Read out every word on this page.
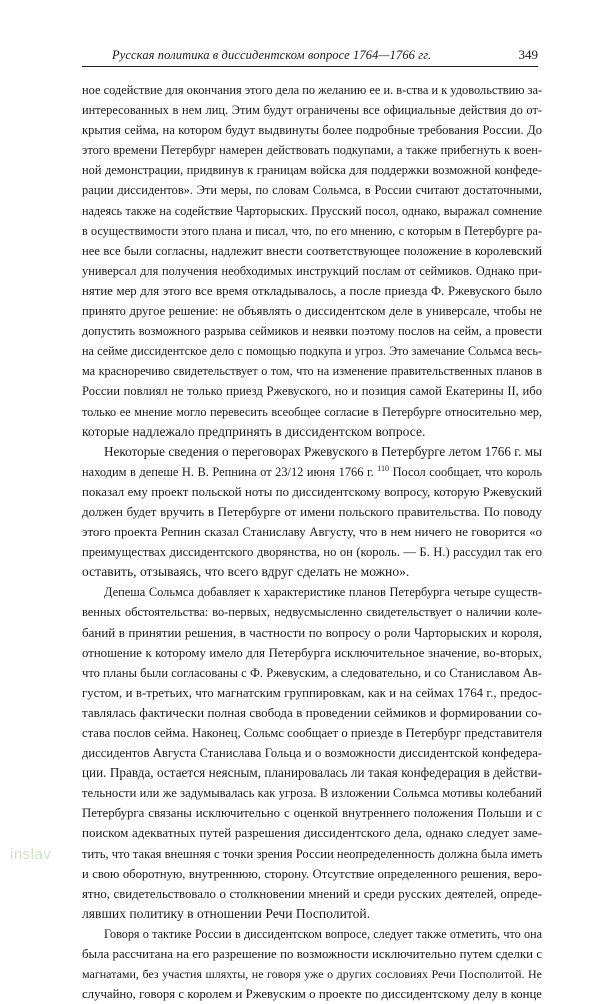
Русская политика в диссидентском вопросе 1764—1766 гг.	349

ное содействие для окончания этого дела по желанию ее и. в-ства и к удовольствию за-
интересованных в нем лиц. Этим будут ограничены все официальные действия до от-
крытия сейма, на котором будут выдвинуты более подробные требования России. До
этого времени Петербург намерен действовать подкупами, а также прибегнуть к воен-
ной демонстрации, придвинув к границам войска для поддержки возможной конфеде-
рации диссидентов». Эти меры, по словам Сольмса, в России считают достаточными,
надеясь также на содействие Чарторыских. Прусский посол, однако, выражал сомнение
в осуществимости этого плана и писал, что, по его мнению, с которым в Петербурге ра-
нее все были согласны, надлежит внести соответствующее положение в королевский
универсал для получения необходимых инструкций послам от сеймиков. Однако при-
нятие мер для этого все время откладывалось, а после приезда Ф. Ржевуского было
принято другое решение: не объявлять о диссидентском деле в универсале, чтобы не
допустить возможного разрыва сеймиков и неявки поэтому послов на сейм, а провести
на сейме диссидентское дело с помощью подкупа и угроз. Это замечание Сольмса весь-
ма красноречиво свидетельствует о том, что на изменение правительственных планов в
России повлиял не только приезд Ржевуского, но и позиция самой Екатерины II, ибо
только ее мнение могло перевесить всеобщее согласие в Петербурге относительно мер,
которые надлежало предпринять в диссидентском вопросе.

Некоторые сведения о переговорах Ржевуского в Петербурге летом 1766 г. мы
находим в депеше Н. В. Репнина от 23/12 июня 1766 г. $^{110}$ Посол сообщает, что король
показал ему проект польской ноты по диссидентскому вопросу, которую Ржевуский
должен будет вручить в Петербурге от имени польского правительства. По поводу
этого проекта Репнин сказал Станиславу Августу, что в нем ничего не говорится «о
преимуществах диссидентского дворянства, но он (король. — Б. Н.) рассудил так его
оставить, отзываясь, что всего вдруг сделать не можно».

Депеша Сольмса добавляет к характеристике планов Петербурга четыре существ-
венных обстоятельства: во-первых, недвусмысленно свидетельствует о наличии коле-
баний в принятии решения, в частности по вопросу о роли Чарторыских и короля,
отношение к которому имело для Петербурга исключительное значение, во-вторых,
что планы были согласованы с Ф. Ржевуским, а следовательно, и со Станиславом Ав-
густом, и в-третьих, что магнатским группировкам, как и на сеймах 1764 г., предос-
тавлялась фактически полная свобода в проведении сеймиков и формировании со-
става послов сейма. Наконец, Сольмс сообщает о приезде в Петербург представителя
диссидентов Августа Станислава Гольца и о возможности диссидентской конфедера-
ции. Правда, остается неясным, планировалась ли такая конфедерация в действи-
тельности или же задумывалась как угроза. В изложении Сольмса мотивы колебаний
Петербурга связаны исключительно с оценкой внутреннего положения Польши и с
поиском адекватных путей разрешения диссидентского дела, однако следует заме-
тить, что такая внешняя с точки зрения России неопределенность должна была иметь
и свою оборотную, внутреннюю, сторону. Отсутствие определенного решения, веро-
ятно, свидетельствовало о столкновении мнений и среди русских деятелей, опреде-
лявших политику в отношении Речи Посполитой.

Говоря о тактике России в диссидентском вопросе, следует также отметить, что она
была рассчитана на его разрешение по возможности исключительно путем сделки с
магнатами, без участия шляхты, не говоря уже о других сословиях Речи Посполитой. Не
случайно, говоря с королем и Ржевуским о проекте по диссидентскому делу в конце

inslav
